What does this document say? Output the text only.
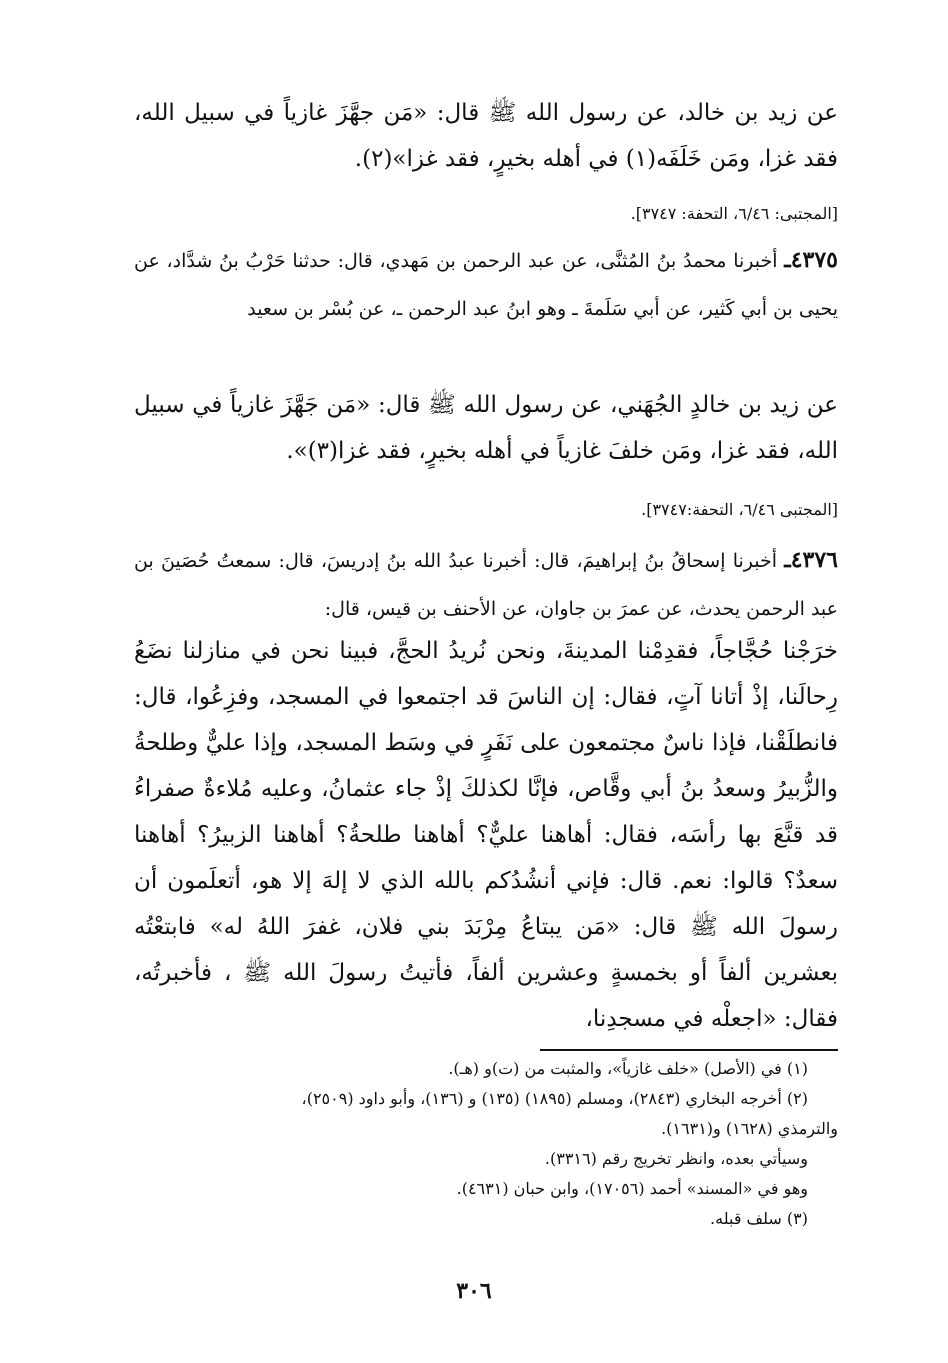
عن زيد بن خالد، عن رسول الله ﷺ قال: «مَن جهَّزَ غازياً في سبيل الله، فقد غزا، ومَن خَلَفَه(١) في أهله بخيرٍ، فقد غزا»(٢).
[المجتبى: ٦/٤٦، التحفة: ٣٧٤٧].
٤٣٧٥ـ أخبرنا محمدُ بنُ المُثنَّى، عن عبد الرحمن بن مَهدي، قال: حدثنا حَرْبُ بنُ شدَّاد، عن يحيى بن أبي كَثير، عن أبي سَلَمةَ ـ وهو ابنُ عبد الرحمن ـ، عن بُسْر بن سعيد
عن زيد بن خالدٍ الجُهَني، عن رسول الله ﷺ قال: «مَن جَهَّزَ غازياً في سبيل الله، فقد غزا، ومَن خلفَ غازياً في أهله بخيرٍ، فقد غزا(٣)».
[المجتبى ٦/٤٦، التحفة:٣٧٤٧].
٤٣٧٦ـ أخبرنا إسحاقُ بنُ إبراهيمَ، قال: أخبرنا عبدُ الله بنُ إدريسَ، قال: سمعتُ حُصَينَ بن عبد الرحمن يحدث، عن عمرَ بن جاوان، عن الأحنف بن قيس، قال:
خرَجْنا حُجَّاجاً، فقدِمْنا المدينةَ، ونحن نُريدُ الحجَّ، فبينا نحن في منازلنا نضَعُ رِحالَنا، إذْ أتانا آتٍ، فقال: إن الناسَ قد اجتمعوا في المسجد، وفزِعُوا، قال: فانطلَقْنا، فإذا ناسٌ مجتمعون على نَفَرٍ في وسَط المسجد، وإذا عليٌّ وطلحةُ والزُّبيرُ وسعدُ بنُ أبي وقَّاص، فإنَّا لكذلكَ إذْ جاء عثمانُ، وعليه مُلاءةٌ صفراءُ قد قنَّعَ بها رأسَه، فقال: أهاهنا عليٌّ؟ أهاهنا طلحةُ؟ أهاهنا الزبيرُ؟ أهاهنا سعدٌ؟ قالوا: نعم. قال: فإني أنشُدُكم بالله الذي لا إلهَ إلا هو، أتعلَمون أن رسولَ الله ﷺ قال: «مَن يبتاعُ مِرْبَدَ بني فلان، غفرَ اللهُ له» فابتعْتُه بعشرين ألفاً أو بخمسةٍ وعشرين ألفاً، فأتيتُ رسولَ الله ﷺ ، فأخبرتُه، فقال: «اجعلْه في مسجدِنا،
(١) في (الأصل) «خلف غازياً»، والمثبت من (ت)و (هـ).
(٢) أخرجه البخاري (٢٨٤٣)، ومسلم (١٨٩٥) (١٣٥) و (١٣٦)، وأبو داود (٢٥٠٩)،
والترمذي (١٦٢٨) و(١٦٣١).
وسيأتي بعده، وانظر تخريج رقم (٣٣١٦).
وهو في «المسند» أحمد (١٧٠٥٦)، وابن حبان (٤٦٣١).
(٣) سلف قبله.
٣٠٦
